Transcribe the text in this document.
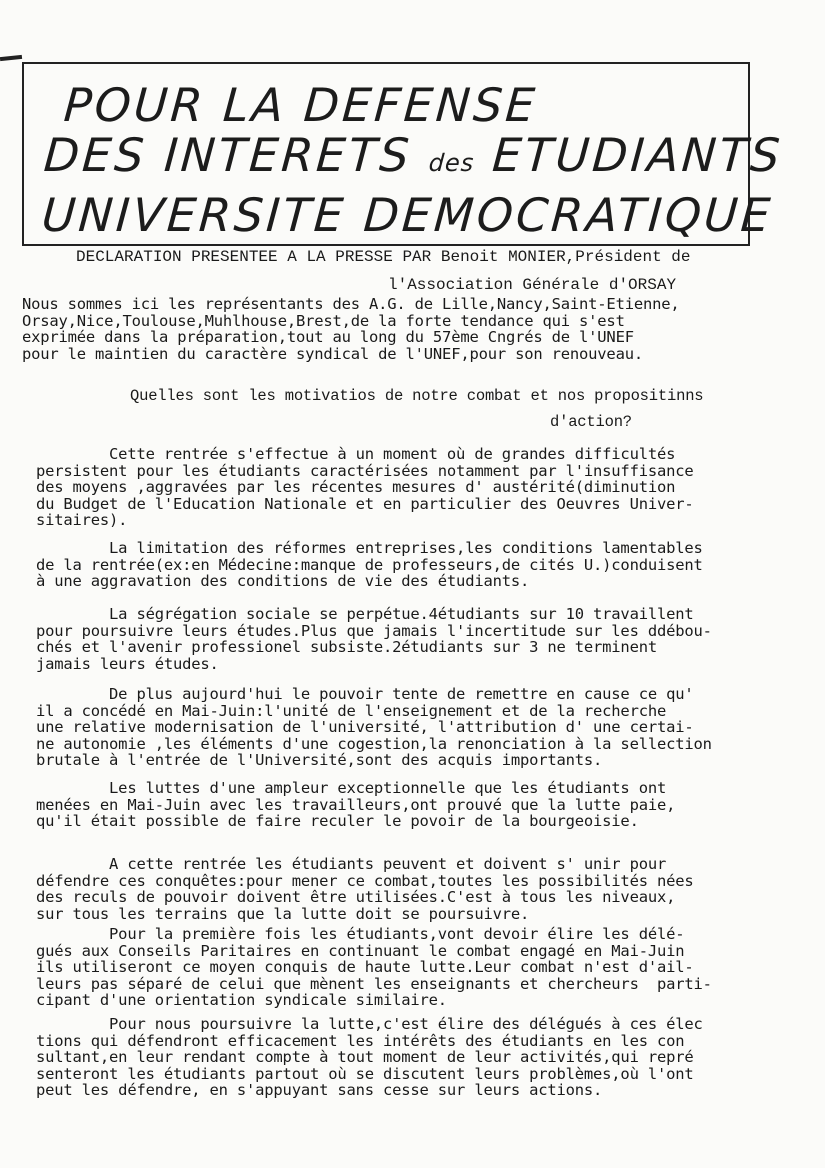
POUR LA DEFENSE
DES INTERETS des ETUDIANTS
UNIVERSITE DEMOCRATIQUE
DECLARATION PRESENTEE A LA PRESSE PAR Benoit MONIER,Président de
l'Association Générale d'ORSAY
Nous sommes ici les représentants des A.G. de Lille,Nancy,Saint-Etienne,
Orsay,Nice,Toulouse,Muhlhouse,Brest,de la forte tendance qui s'est
exprimée dans la préparation,tout au long du 57ème Cngrés de l'UNEF
pour le maintien du caractère syndical de l'UNEF,pour son renouveau.
Quelles sont les motivatios de notre combat et nos propositinns
d'action?
Cette rentrée s'effectue à un moment où de grandes difficultés
persistent pour les étudiants caractérisées notamment par l'insuffisance
des moyens ,aggravées par les récentes mesures d' austérité(diminution
du Budget de l'Education Nationale et en particulier des Oeuvres Univer-
sitaires).
La limitation des réformes entreprises,les conditions lamentables
de la rentrée(ex:en Médecine:manque de professeurs,de cités U.)conduisent
à une aggravation des conditions de vie des étudiants.
La ségrégation sociale se perpétue.4étudiants sur 10 travaillent
pour poursuivre leurs études.Plus que jamais l'incertitude sur les ddébou-
chés et l'avenir professionel subsiste.2étudiants sur 3 ne terminent
jamais leurs études.
De plus aujourd'hui le pouvoir tente de remettre en cause ce qu'
il a concédé en Mai-Juin:l'unité de l'enseignement et de la recherche
une relative modernisation de l'université, l'attribution d' une certai-
ne autonomie ,les éléments d'une cogestion,la renonciation à la sellection
brutale à l'entrée de l'Université,sont des acquis importants.
Les luttes d'une ampleur exceptionnelle que les étudiants ont
menées en Mai-Juin avec les travailleurs,ont prouvé que la lutte paie,
qu'il était possible de faire reculer le povoir de la bourgeoisie.
A cette rentrée les étudiants peuvent et doivent s' unir pour
défendre ces conquêtes:pour mener ce combat,toutes les possibilités nées
des reculs de pouvoir doivent être utilisées.C'est à tous les niveaux,
sur tous les terrains que la lutte doit se poursuivre.
Pour la première fois les étudiants,vont devoir élire les délé-
gués aux Conseils Paritaires en continuant le combat engagé en Mai-Juin
ils utiliseront ce moyen conquis de haute lutte.Leur combat n'est d'ail-
leurs pas séparé de celui que mènent les enseignants et chercheurs  parti-
cipant d'une orientation syndicale similaire.
Pour nous poursuivre la lutte,c'est élire des délégués à ces élec
tions qui défendront efficacement les intérêts des étudiants en les con
sultant,en leur rendant compte à tout moment de leur activités,qui repré
senteront les étudiants partout où se discutent leurs problèmes,où l'ont
peut les défendre, en s'appuyant sans cesse sur leurs actions.
